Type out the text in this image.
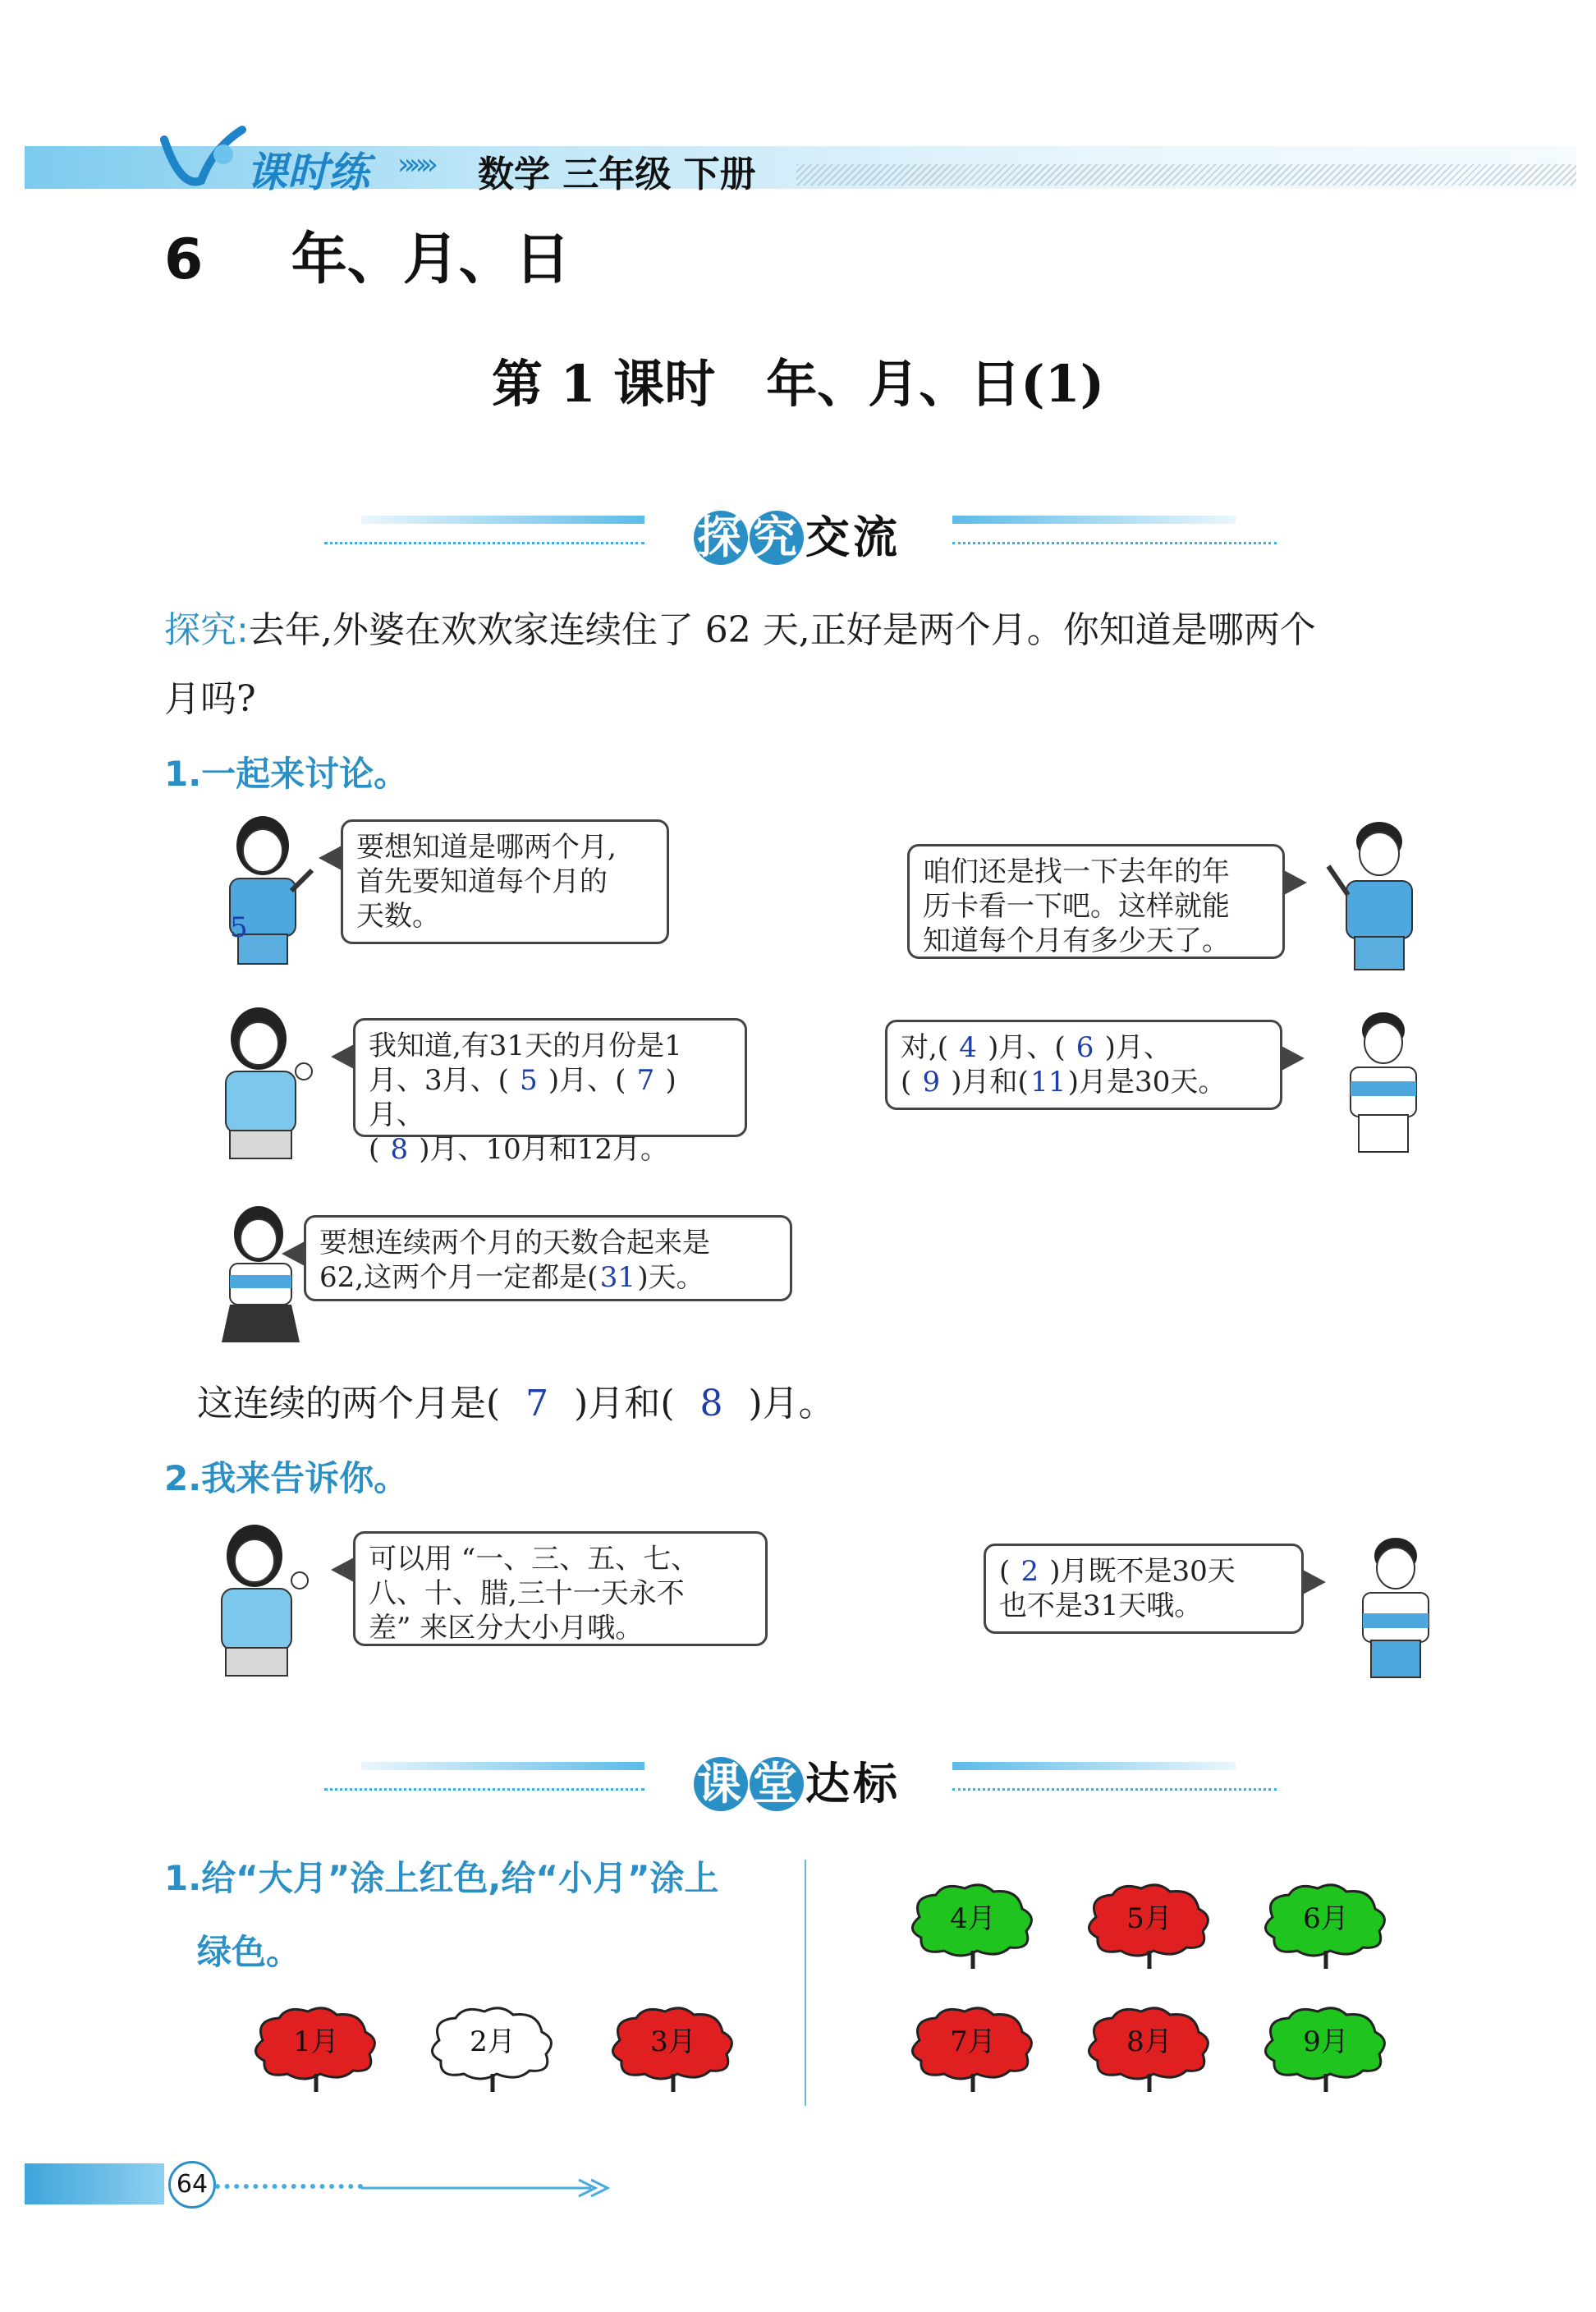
课时练 »»» 数学 三年级 下册
6 年、月、日
第 1 课时　年、月、日(1)
探 究 交流
探究:去年,外婆在欢欢家连续住了 62 天,正好是两个月。你知道是哪两个
月吗?
1.一起来讨论。
5
要想知道是哪两个月,
首先要知道每个月的
天数。
咱们还是找一下去年的年
历卡看一下吧。这样就能
知道每个月有多少天了。
我知道,有31天的月份是1
月、3月、( 5 )月、( 7 )月、
( 8 )月、10月和12月。
对,( 4 )月、( 6 )月、
( 9 )月和(11)月是30天。
要想连续两个月的天数合起来是
62,这两个月一定都是(31)天。
这连续的两个月是( 7 )月和( 8 )月。
2.我来告诉你。
可以用 “一、三、五、七、
八、十、腊,三十一天永不
差” 来区分大小月哦。
( 2 )月既不是30天
也不是31天哦。
课 堂 达标
1.给“大月”涂上红色,给“小月”涂上
绿色。
1月	2月	3月
4月	5月	6月
7月	8月	9月
64
